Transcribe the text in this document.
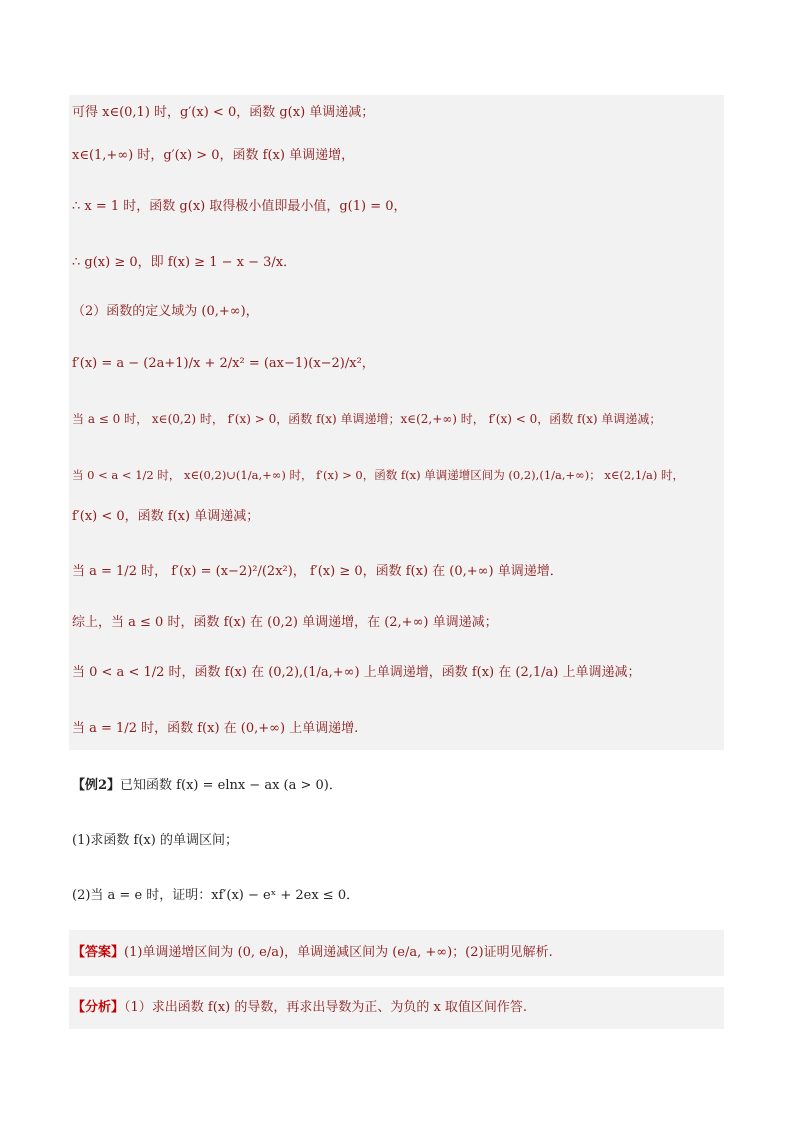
可得 x∈(0,1) 时，g′(x) < 0，函数 g(x) 单调递减；
x∈(1,+∞) 时，g′(x) > 0，函数 f(x) 单调递增，
∴ x = 1 时，函数 g(x) 取得极小值即最小值，g(1) = 0，
∴ g(x) ≥ 0，即 f(x) ≥ 1 − x − 3/x．
（2）函数的定义域为 (0,+∞)，
f′(x) = a − (2a+1)/x + 2/x² = (ax−1)(x−2)/x²，
当 a ≤ 0 时， x∈(0,2) 时， f′(x) > 0，函数 f(x) 单调递增；x∈(2,+∞) 时， f′(x) < 0，函数 f(x) 单调递减；
当 0 < a < 1/2 时， x∈(0,2)∪(1/a,+∞) 时， f′(x) > 0，函数 f(x) 单调递增区间为 (0,2),(1/a,+∞)； x∈(2,1/a) 时，
f′(x) < 0，函数 f(x) 单调递减；
当 a = 1/2 时， f′(x) = (x−2)²/(2x²)， f′(x) ≥ 0，函数 f(x) 在 (0,+∞) 单调递增．
综上，当 a ≤ 0 时，函数 f(x) 在 (0,2) 单调递增，在 (2,+∞) 单调递减；
当 0 < a < 1/2 时，函数 f(x) 在 (0,2),(1/a,+∞) 上单调递增，函数 f(x) 在 (2,1/a) 上单调递减；
当 a = 1/2 时，函数 f(x) 在 (0,+∞) 上单调递增.
【例2】已知函数 f(x) = elnx − ax (a > 0)．
(1)求函数 f(x) 的单调区间；
(2)当 a = e 时，证明：xf′(x) − eˣ + 2ex ≤ 0．
【答案】(1)单调递增区间为 (0, e/a)，单调递减区间为 (e/a, +∞)；(2)证明见解析.
【分析】（1）求出函数 f(x) 的导数，再求出导数为正、为负的 x 取值区间作答.
